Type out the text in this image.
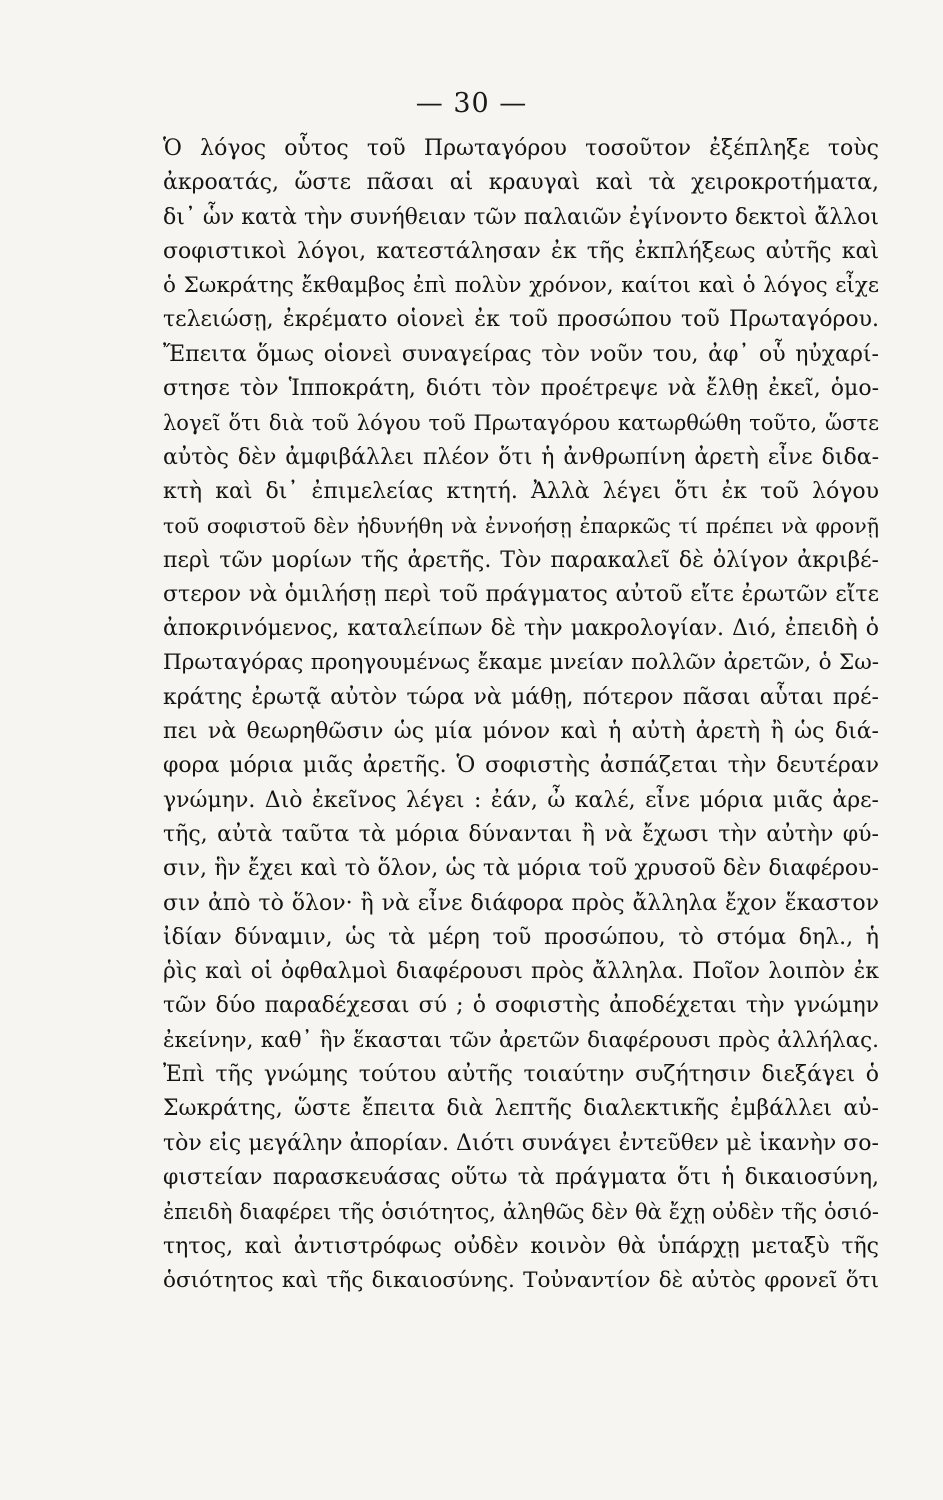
— 30 —
Ὁ λόγος οὗτος τοῦ Πρωταγόρου τοσοῦτον ἐξέπληξε τοὺς
ἀκροατάς, ὥστε πᾶσαι αἱ κραυγαὶ καὶ τὰ χειροκροτήματα,
δι᾽ ὧν κατὰ τὴν συνήθειαν τῶν παλαιῶν ἐγίνοντο δεκτοὶ ἄλλοι
σοφιστικοὶ λόγοι, κατεστάλησαν ἐκ τῆς ἐκπλήξεως αὐτῆς καὶ
ὁ Σωκράτης ἔκθαμβος ἐπὶ πολὺν χρόνον, καίτοι καὶ ὁ λόγος εἶχε
τελειώσῃ, ἐκρέματο οἱονεὶ ἐκ τοῦ προσώπου τοῦ Πρωταγόρου.
Ἔπειτα ὅμως οἱονεὶ συναγείρας τὸν νοῦν του, ἀφ᾽ οὗ ηὐχαρί-
στησε τὸν Ἱπποκράτη, διότι τὸν προέτρεψε νὰ ἔλθῃ ἐκεῖ, ὁμο-
λογεῖ ὅτι διὰ τοῦ λόγου τοῦ Πρωταγόρου κατωρθώθη τοῦτο, ὥστε
αὐτὸς δὲν ἀμφιβάλλει πλέον ὅτι ἡ ἀνθρωπίνη ἀρετὴ εἶνε διδα-
κτὴ καὶ δι᾽ ἐπιμελείας κτητή. Ἀλλὰ λέγει ὅτι ἐκ τοῦ λόγου
τοῦ σοφιστοῦ δὲν ἠδυνήθη νὰ ἐννοήσῃ ἐπαρκῶς τί πρέπει νὰ φρονῇ
περὶ τῶν μορίων τῆς ἀρετῆς. Τὸν παρακαλεῖ δὲ ὀλίγον ἀκριβέ-
στερον νὰ ὁμιλήσῃ περὶ τοῦ πράγματος αὐτοῦ εἴτε ἐρωτῶν εἴτε
ἀποκρινόμενος, καταλείπων δὲ τὴν μακρολογίαν. Διό, ἐπειδὴ ὁ
Πρωταγόρας προηγουμένως ἔκαμε μνείαν πολλῶν ἀρετῶν, ὁ Σω-
κράτης ἐρωτᾷ αὐτὸν τώρα νὰ μάθῃ, πότερον πᾶσαι αὗται πρέ-
πει νὰ θεωρηθῶσιν ὡς μία μόνον καὶ ἡ αὐτὴ ἀρετὴ ἢ ὡς διά-
φορα μόρια μιᾶς ἀρετῆς. Ὁ σοφιστὴς ἀσπάζεται τὴν δευτέραν
γνώμην. Διὸ ἐκεῖνος λέγει : ἐάν, ὦ καλέ, εἶνε μόρια μιᾶς ἀρε-
τῆς, αὐτὰ ταῦτα τὰ μόρια δύνανται ἢ νὰ ἔχωσι τὴν αὐτὴν φύ-
σιν, ἣν ἔχει καὶ τὸ ὅλον, ὡς τὰ μόρια τοῦ χρυσοῦ δὲν διαφέρου-
σιν ἀπὸ τὸ ὅλον· ἢ νὰ εἶνε διάφορα πρὸς ἄλληλα ἔχον ἕκαστον
ἰδίαν δύναμιν, ὡς τὰ μέρη τοῦ προσώπου, τὸ στόμα δηλ., ἡ
ῥὶς καὶ οἱ ὀφθαλμοὶ διαφέρουσι πρὸς ἄλληλα. Ποῖον λοιπὸν ἐκ
τῶν δύο παραδέχεσαι σύ ; ὁ σοφιστὴς ἀποδέχεται τὴν γνώμην
ἐκείνην, καθ᾽ ἣν ἕκασται τῶν ἀρετῶν διαφέρουσι πρὸς ἀλλήλας.
Ἐπὶ τῆς γνώμης τούτου αὐτῆς τοιαύτην συζήτησιν διεξάγει ὁ
Σωκράτης, ὥστε ἔπειτα διὰ λεπτῆς διαλεκτικῆς ἐμβάλλει αὐ-
τὸν εἰς μεγάλην ἀπορίαν. Διότι συνάγει ἐντεῦθεν μὲ ἱκανὴν σο-
φιστείαν παρασκευάσας οὕτω τὰ πράγματα ὅτι ἡ δικαιοσύνη,
ἐπειδὴ διαφέρει τῆς ὁσιότητος, ἀληθῶς δὲν θὰ ἔχῃ οὐδὲν τῆς ὁσιό-
τητος, καὶ ἀντιστρόφως οὐδὲν κοινὸν θὰ ὑπάρχῃ μεταξὺ τῆς
ὁσιότητος καὶ τῆς δικαιοσύνης. Τοὐναντίον δὲ αὐτὸς φρονεῖ ὅτι
